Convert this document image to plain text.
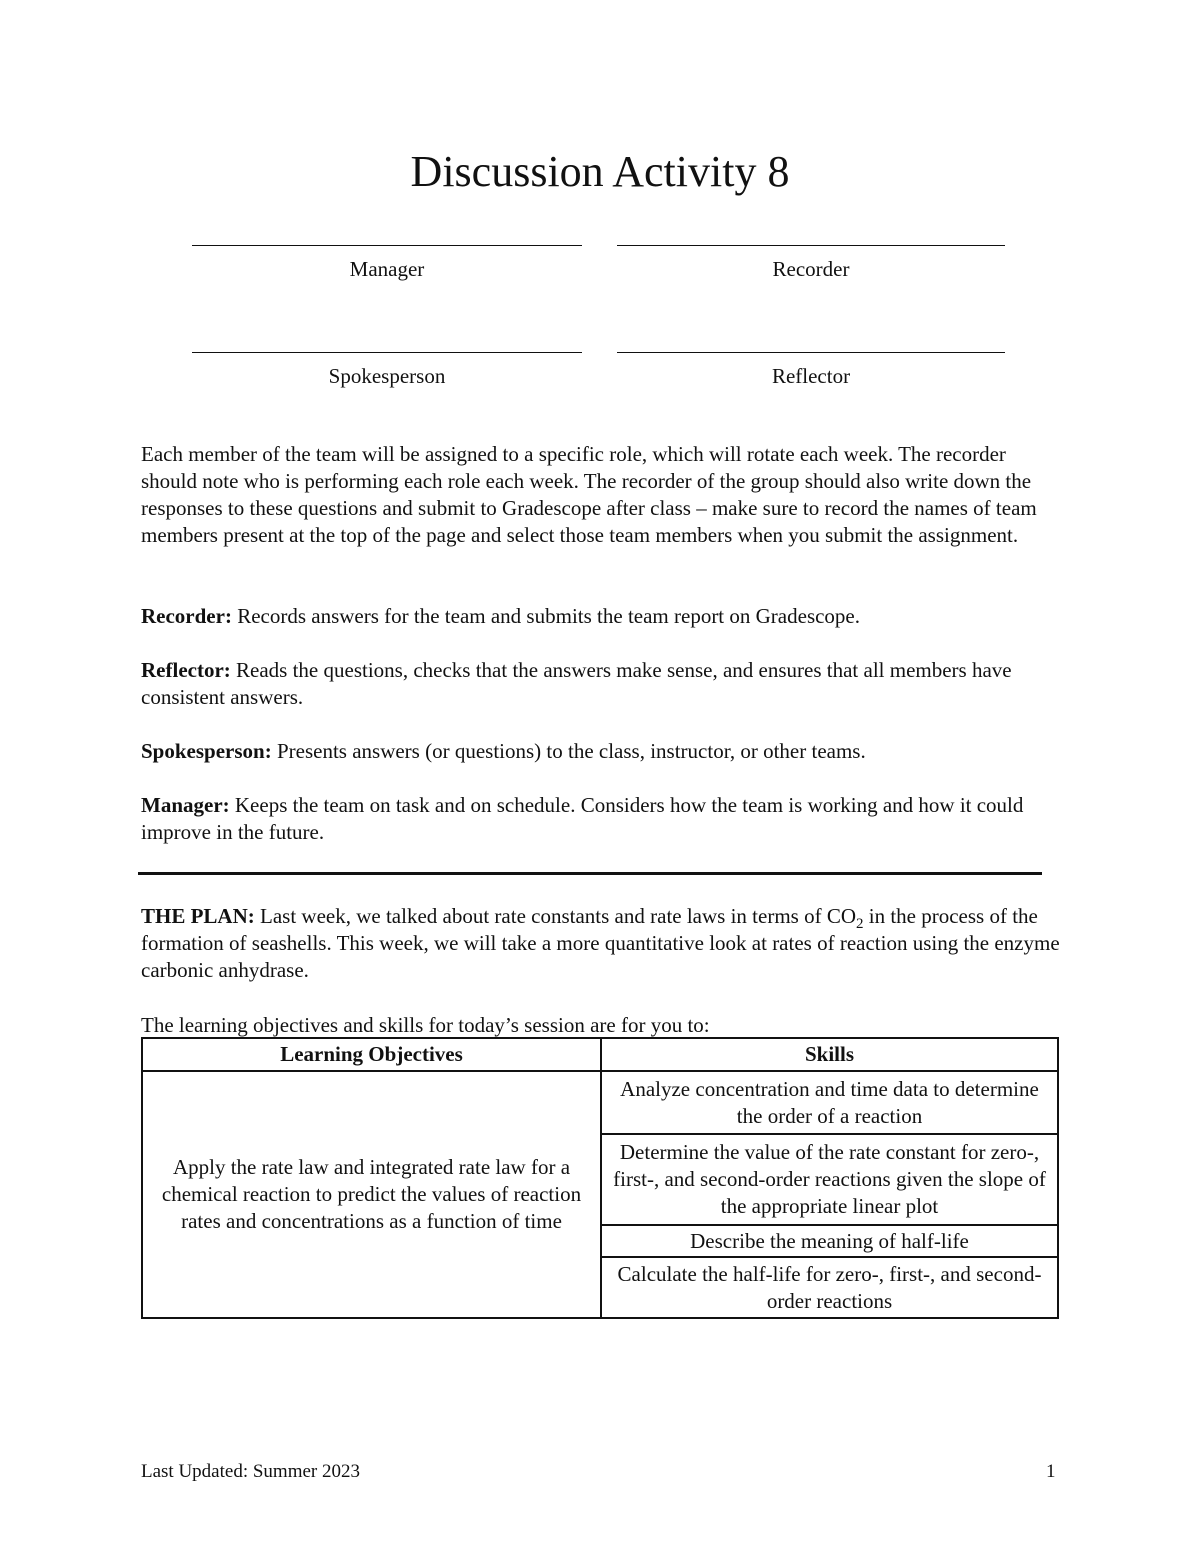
Discussion Activity 8
Manager	Recorder
Spokesperson	Reflector

Each member of the team will be assigned to a specific role, which will rotate each week. The recorder should note who is performing each role each week. The recorder of the group should also write down the responses to these questions and submit to Gradescope after class – make sure to record the names of team members present at the top of the page and select those team members when you submit the assignment.

Recorder: Records answers for the team and submits the team report on Gradescope.

Reflector: Reads the questions, checks that the answers make sense, and ensures that all members have consistent answers.

Spokesperson: Presents answers (or questions) to the class, instructor, or other teams.

Manager: Keeps the team on task and on schedule. Considers how the team is working and how it could improve in the future.

THE PLAN: Last week, we talked about rate constants and rate laws in terms of $CO_2$ in the process of the formation of seashells. This week, we will take a more quantitative look at rates of reaction using the enzyme carbonic anhydrase.

The learning objectives and skills for today’s session are for you to:

Learning Objectives	Skills
Apply the rate law and integrated rate law for a chemical reaction to predict the values of reaction rates and concentrations as a function of time	Analyze concentration and time data to determine the order of a reaction
	Determine the value of the rate constant for zero-, first-, and second-order reactions given the slope of the appropriate linear plot
	Describe the meaning of half-life
	Calculate the half-life for zero-, first-, and second-order reactions
Last Updated: Summer 2023	1
